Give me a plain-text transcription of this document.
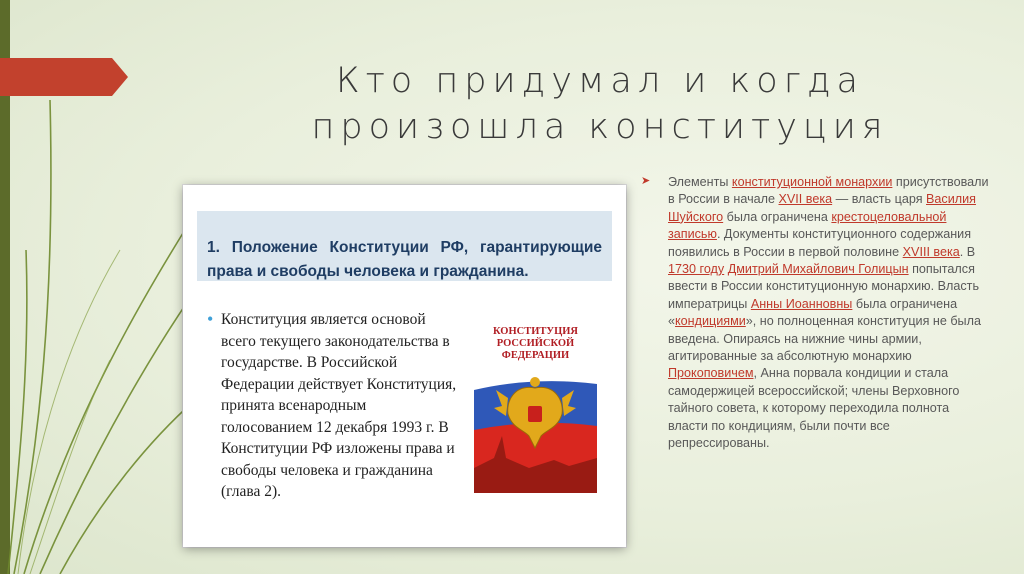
Кто придумал и когда
произошла конституция

1. Положение Конституции РФ, гарантирующие права и свободы человека и гражданина.

• Конституция является основой всего текущего законодательства в государстве. В Российской Федерации действует Конституция, принята всенародным голосованием 12 декабря 1993 г. В Конституции РФ изложены права и свободы человека и гражданина (глава 2).
КОНСТИТУЦИЯ
РОССИЙСКОЙ
ФЕДЕРАЦИИ
➤ Элементы конституционной монархии присутствовали в России в начале XVII века — власть царя Василия Шуйского была ограничена крестоцеловальной записью. Документы конституционного содержания появились в России в первой половине XVIII века. В 1730 году Дмитрий Михайлович Голицын попытался ввести в России конституционную монархию. Власть императрицы Анны Иоанновны была ограничена «кондициями», но полноценная конституция не была введена. Опираясь на нижние чины армии, агитированные за абсолютную монархию Прокоповичем, Анна порвала кондиции и стала самодержицей всероссийской; члены Верховного тайного совета, к которому переходила полнота власти по кондициям, были почти все репрессированы.
